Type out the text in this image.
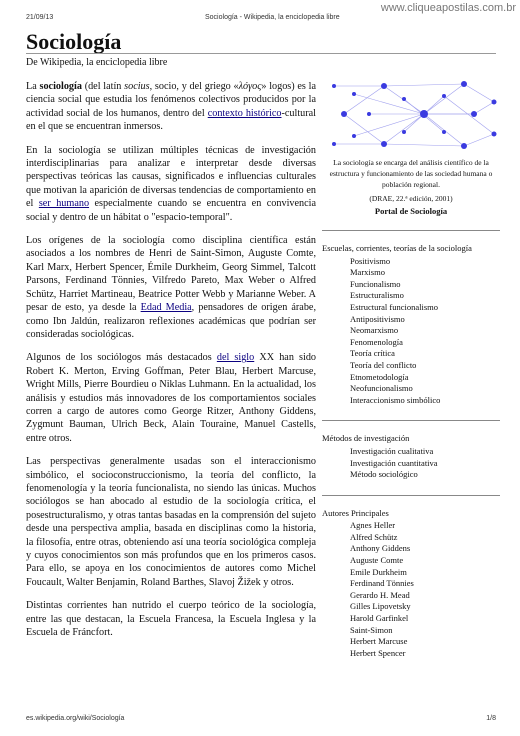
21/09/13	Sociología - Wikipedia, la enciclopedia libre
www.cliqueapostilas.com.br
Sociología
De Wikipedia, la enciclopedia libre

La sociología (del latín socius, socio, y del griego «λóγος» logos) es la ciencia social que estudia los fenómenos colectivos producidos por la actividad social de los humanos, dentro del contexto histórico-cultural en el que se encuentran inmersos.

En la sociología se utilizan múltiples técnicas de investigación interdisciplinarias para analizar e interpretar desde diversas perspectivas teóricas las causas, significados e influencias culturales que motivan la aparición de diversas tendencias de comportamiento en el ser humano especialmente cuando se encuentra en convivencia social y dentro de un hábitat o "espacio-temporal".

Los orígenes de la sociología como disciplina científica están asociados a los nombres de Henri de Saint-Simon, Auguste Comte, Karl Marx, Herbert Spencer, Émile Durkheim, Georg Simmel, Talcott Parsons, Ferdinand Tönnies, Vilfredo Pareto, Max Weber o Alfred Schütz, Harriet Martineau, Beatrice Potter Webb y Marianne Weber. A pesar de esto, ya desde la Edad Media, pensadores de origen árabe, como Ibn Jaldún, realizaron reflexiones académicas que podrían ser consideradas sociológicas.

Algunos de los sociólogos más destacados del siglo XX han sido Robert K. Merton, Erving Goffman, Peter Blau, Herbert Marcuse, Wright Mills, Pierre Bourdieu o Niklas Luhmann. En la actualidad, los análisis y estudios más innovadores de los comportamientos sociales corren a cargo de autores como George Ritzer, Anthony Giddens, Zygmunt Bauman, Ulrich Beck, Alain Touraine, Manuel Castells, entre otros.

Las perspectivas generalmente usadas son el interaccionismo simbólico, el socioconstruccionismo, la teoría del conflicto, la fenomenología y la teoría funcionalista, no siendo las únicas. Muchos sociólogos se han abocado al estudio de la sociología crítica, el posestructuralismo, y otras tantas basadas en la comprensión del sujeto desde una perspectiva amplia, basada en disciplinas como la historia, la filosofía, entre otras, obteniendo así una teoría sociológica compleja y cuyos conocimientos son más profundos que en los primeros casos. Para ello, se apoya en los conocimientos de autores como Michel Foucault, Walter Benjamin, Roland Barthes, Slavoj Žižek y otros.

Distintas corrientes han nutrido el cuerpo teórico de la sociología, entre las que destacan, la Escuela Francesa, la Escuela Inglesa y la Escuela de Fráncfort.

La sociología se encarga del análisis científico de la estructura y funcionamiento de las sociedad humana o población regional.
(DRAE, 22.ª edición, 2001)
Portal de Sociología
Escuelas, corrientes, teorías de la sociología
Positivismo
Marxismo
Funcionalismo
Estructuralismo
Estructural funcionalismo
Antipositivismo
Neomarxismo
Fenomenología
Teoría crítica
Teoría del conflicto
Etnometodología
Neofuncionalismo
Interaccionismo simbólico
Métodos de investigación
Investigación cualitativa
Investigación cuantitativa
Método sociológico
Autores Principales
Agnes Heller
Alfred Schütz
Anthony Giddens
Auguste Comte
Emile Durkheim
Ferdinand Tönnies
Gerardo H. Mead
Gilles Lipovetsky
Harold Garfinkel
Saint-Simon
Herbert Marcuse
Herbert Spencer
es.wikipedia.org/wiki/Sociología	1/8
